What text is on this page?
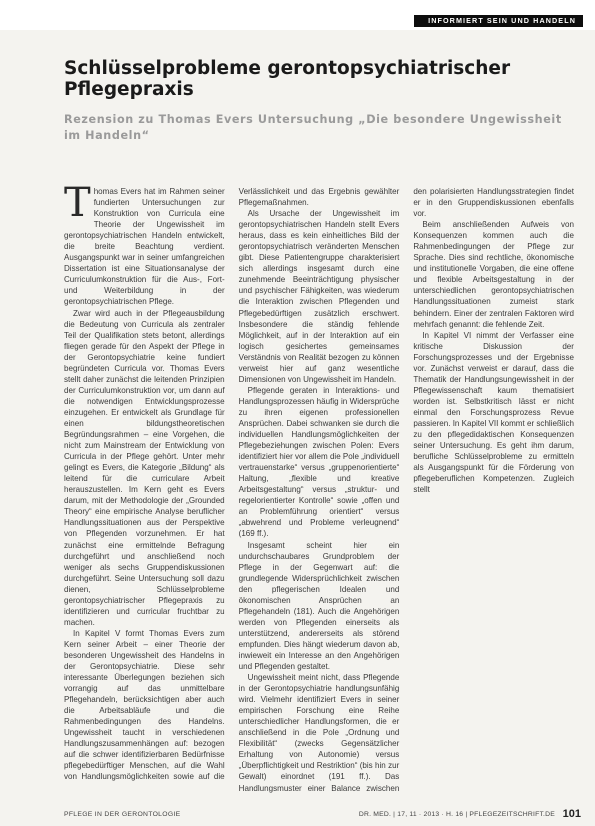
INFORMIERT SEIN UND HANDELN
Schlüsselprobleme gerontopsychiatrischer Pflegepraxis
Rezension zu Thomas Evers Untersuchung „Die besondere Ungewissheit im Handeln“

Thomas Evers hat im Rahmen seiner fundierten Untersuchungen zur Konstruktion von Curricula eine Theorie der Ungewissheit im gerontopsychiatrischen Handeln entwickelt, die breite Beachtung verdient. Ausgangspunkt war in seiner umfangreichen Dissertation ist eine Situationsanalyse der Curriculumkonstruktion für die Aus-, Fort- und Weiterbildung in der gerontopsychiatrischen Pflege.

Zwar wird auch in der Pflegeausbildung die Bedeutung von Curricula als zentraler Teil der Qualifikation stets betont, allerdings fliegen gerade für den Aspekt der Pflege in der Gerontopsychiatrie keine fundiert begründeten Curricula vor. Thomas Evers stellt daher zunächst die leitenden Prinzipien der Curriculumkonstruktion vor, um dann auf die notwendigen Entwicklungsprozesse einzugehen. Er entwickelt als Grundlage für einen bildungstheoretischen Begründungsrahmen – eine Vorgehen, die nicht zum Mainstream der Entwicklung von Curricula in der Pflege gehört. Unter mehr gelingt es Evers, die Kategorie „Bildung“ als leitend für die curriculare Arbeit herauszustellen. Im Kern geht es Evers darum, mit der Methodologie der „Grounded Theory“ eine empirische Analyse beruflicher Handlungssituationen aus der Perspektive von Pflegenden vorzunehmen. Er hat zunächst eine ermittelnde Befragung durchgeführt und anschließend noch weniger als sechs Gruppendiskussionen durchgeführt. Seine Untersuchung soll dazu dienen, Schlüsselprobleme gerontopsychiatrischer Pflegepraxis zu identifizieren und curricular fruchtbar zu machen.

In Kapitel V formt Thomas Evers zum Kern seiner Arbeit – einer Theorie der besonderen Ungewissheit des Handelns in der Gerontopsychiatrie. Diese sehr interessante Überlegungen beziehen sich vorrangig auf das unmittelbare Pflegehandeln, berücksichtigen aber auch die Arbeitsabläufe und die Rahmenbedingungen des Handelns. Ungewissheit taucht in verschiedenen Handlungszusammenhängen auf: bezogen auf die schwer identifizierbaren Bedürfnisse pflegebedürftiger Menschen, auf die Wahl von Handlungsmöglichkeiten sowie auf die Verlässlichkeit und das Ergebnis gewählter Pflegemaßnahmen.

Als Ursache der Ungewissheit im gerontopsychiatrischen Handeln stellt Evers heraus, dass es kein einheitliches Bild der gerontopsychiatrisch veränderten Menschen gibt. Diese Patientengruppe charakterisiert sich allerdings insgesamt durch eine zunehmende Beeinträchtigung physischer und psychischer Fähigkeiten, was wiederum die Interaktion zwischen Pflegenden und Pflegebedürftigen zusätzlich erschwert. Insbesondere die ständig fehlende Möglichkeit, auf in der Interaktion auf ein logisch gesichertes gemeinsames Verständnis von Realität bezogen zu können verweist hier auf ganz wesentliche Dimensionen von Ungewissheit im Handeln.

Pflegende geraten in Interaktions- und Handlungsprozessen häufig in Widersprüche zu ihren eigenen professionellen Ansprüchen. Dabei schwanken sie durch die individuellen Handlungsmöglichkeiten der Pflegebeziehungen zwischen Polen: Evers identifiziert hier vor allem die Pole „individuell vertrauenstarke“ versus „gruppenorientierte“ Haltung, „flexible und kreative Arbeitsgestaltung“ versus „struktur- und regelorientierter Kontrolle“ sowie „offen und an Problemführung orientiert“ versus „abwehrend und Probleme verleugnend“ (169 ff.).

Insgesamt scheint hier ein undurchschaubares Grundproblem der Pflege in der Gegenwart auf: die grundlegende Widersprüchlichkeit zwischen den pflegerischen Idealen und ökonomischen Ansprüchen an Pflegehandeln (181). Auch die Angehörigen werden von Pflegenden einerseits als unterstützend, andererseits als störend empfunden. Dies hängt wiederum davon ab, inwieweit ein Interesse an den Angehörigen und Pflegenden gestaltet.

Ungewissheit meint nicht, dass Pflegende in der Gerontopsychiatrie handlungsunfähig wird. Vielmehr identifiziert Evers in seiner empirischen Forschung eine Reihe unterschiedlicher Handlungsformen, die er anschließend in die Pole „Ordnung und Flexibilität“ (zwecks Gegensätzlicher Erhaltung von Autonomie) versus „Überpflichtigkeit und Restriktion“ (bis hin zur Gewalt) einordnet (191 ff.). Das Handlungsmuster einer Balance zwischen den polarisierten Handlungsstrategien findet er in den Gruppendiskussionen ebenfalls vor.

Beim anschließenden Aufweis von Konsequenzen kommen auch die Rahmenbedingungen der Pflege zur Sprache. Dies sind rechtliche, ökonomische und institutionelle Vorgaben, die eine offene und flexible Arbeitsgestaltung in der unterschiedlichen gerontopsychiatrischen Handlungssituationen zumeist stark behindern. Einer der zentralen Faktoren wird mehrfach genannt: die fehlende Zeit.

In Kapitel VI nimmt der Verfasser eine kritische Diskussion der Forschungsprozesses und der Ergebnisse vor. Zunächst verweist er darauf, dass die Thematik der Handlungsungewissheit in der Pflegewissenschaft kaum thematisiert worden ist. Selbstkritisch lässt er nicht einmal den Forschungsprozess Revue passieren. In Kapitel VII kommt er schließlich zu den pflegedidaktischen Konsequenzen seiner Untersuchung. Es geht ihm darum, berufliche Schlüsselprobleme zu ermitteln als Ausgangspunkt für die Förderung von pflegeberuflichen Kompetenzen. Zugleich stellt

PFLEGE IN DER GERONTOLOGIE	DR. MED. | 17, 11 · 2013 · H. 16 | PFLEGEZEITSCHRIFT.DE 101
